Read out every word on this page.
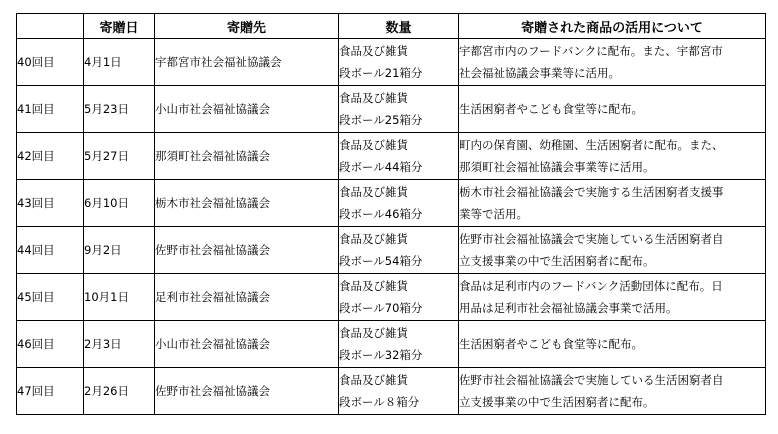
	寄贈日	寄贈先	数量	寄贈された商品の活用について
40回目	4月1日	宇都宮市社会福祉協議会	食品及び雑貨
段ボール21箱分	宇都宮市内のフードバンクに配布。また、宇都宮市
社会福祉協議会事業等に活用。

41回目	5月23日	小山市社会福祉協議会	食品及び雑貨
段ボール25箱分	生活困窮者やこども食堂等に配布。

42回目	5月27日	那須町社会福祉協議会	食品及び雑貨
段ボール44箱分	町内の保育園、幼稚園、生活困窮者に配布。また、
那須町社会福祉協議会事業等に活用。

43回目	6月10日	栃木市社会福祉協議会	食品及び雑貨
段ボール46箱分	栃木市社会福祉協議会で実施する生活困窮者支援事
業等で活用。

44回目	9月2日	佐野市社会福祉協議会	食品及び雑貨
段ボール54箱分	佐野市社会福祉協議会で実施している生活困窮者自
立支援事業の中で生活困窮者に配布。

45回目	10月1日	足利市社会福祉協議会	食品及び雑貨
段ボール70箱分	食品は足利市内のフードバンク活動団体に配布。日
用品は足利市社会福祉協議会事業で活用。

46回目	2月3日	小山市社会福祉協議会	食品及び雑貨
段ボール32箱分	生活困窮者やこども食堂等に配布。

47回目	2月26日	佐野市社会福祉協議会	食品及び雑貨
段ボール８箱分	佐野市社会福祉協議会で実施している生活困窮者自
立支援事業の中で生活困窮者に配布。
